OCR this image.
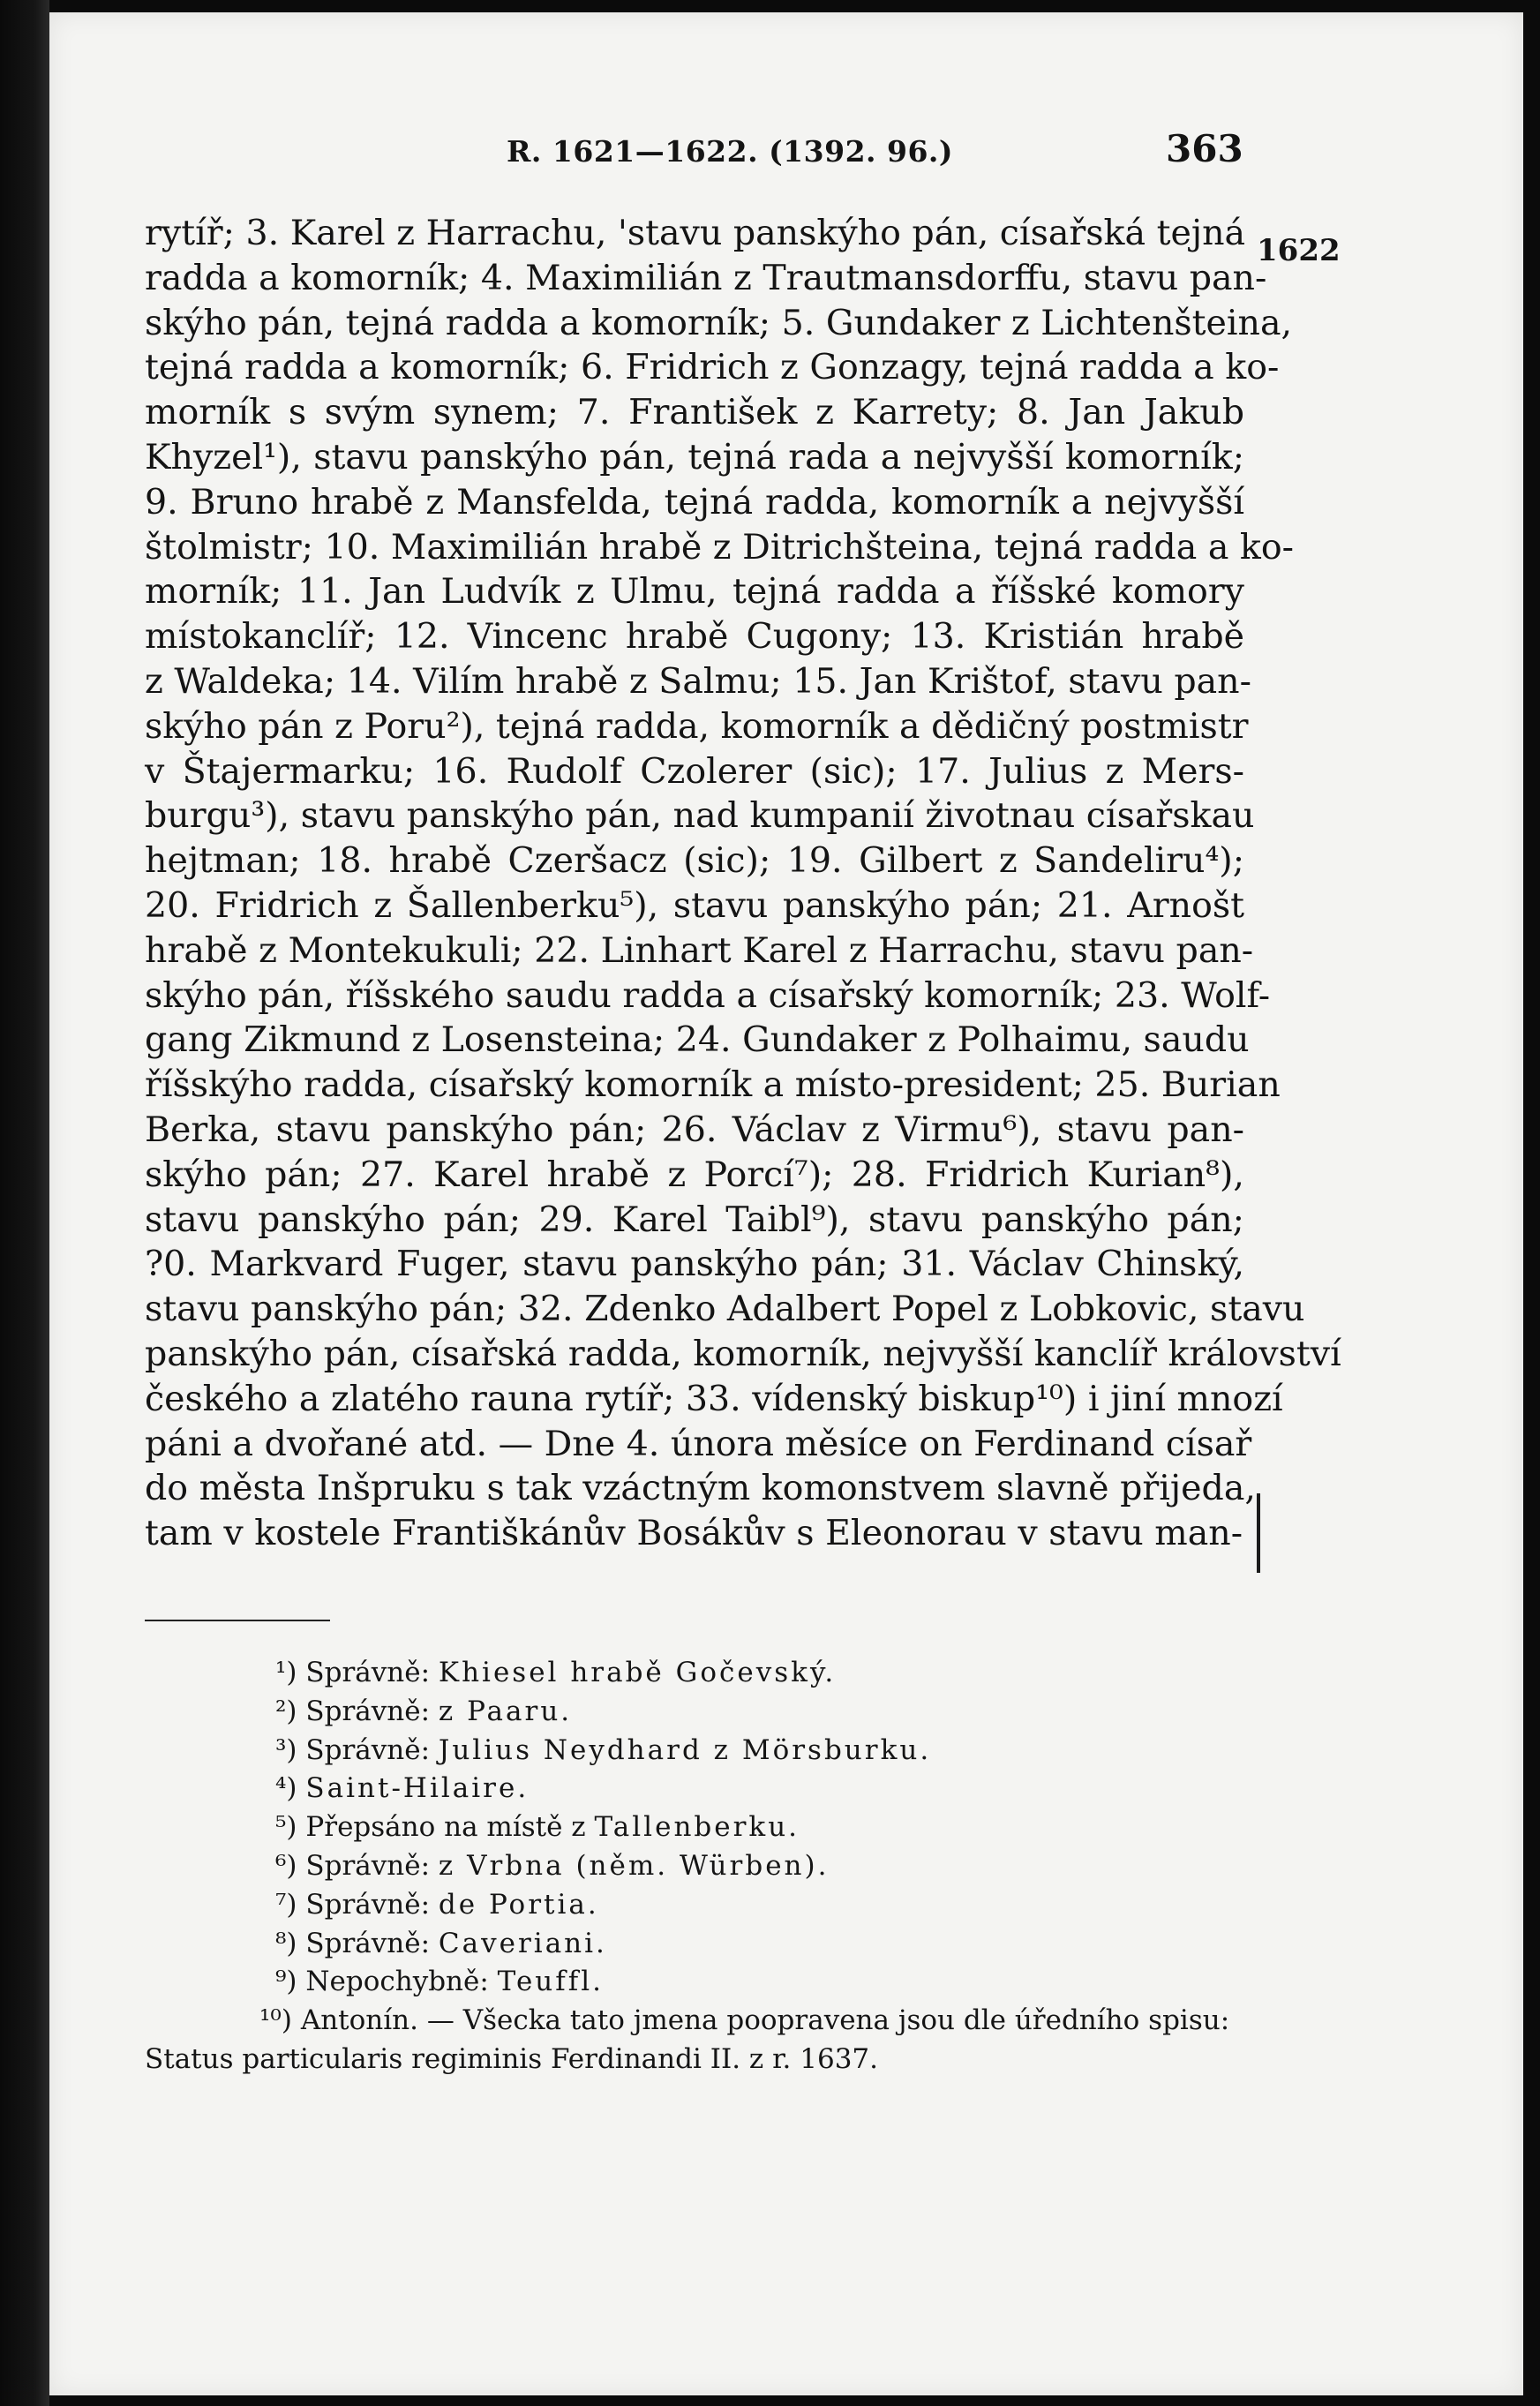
R. 1621—1622. (1392. 96.)	363
1622
rytíř; 3. Karel z Harrachu, 'stavu panskýho pán, císařská tejná
radda a komorník; 4. Maximilián z Trautmansdorffu, stavu pan-
skýho pán, tejná radda a komorník; 5. Gundaker z Lichtenšteina,
tejná radda a komorník; 6. Fridrich z Gonzagy, tejná radda a ko-
morník s svým synem; 7. František z Karrety; 8. Jan Jakub
Khyzel¹), stavu panskýho pán, tejná rada a nejvyšší komorník;
9. Bruno hrabě z Mansfelda, tejná radda, komorník a nejvyšší
štolmistr; 10. Maximilián hrabě z Ditrichšteina, tejná radda a ko-
morník; 11. Jan Ludvík z Ulmu, tejná radda a říšské komory
místokanclíř; 12. Vincenc hrabě Cugony; 13. Kristián hrabě
z Waldeka; 14. Vilím hrabě z Salmu; 15. Jan Krištof, stavu pan-
skýho pán z Poru²), tejná radda, komorník a dědičný postmistr
v Štajermarku; 16. Rudolf Czolerer (sic); 17. Julius z Mers-
burgu³), stavu panskýho pán, nad kumpanií životnau císařskau
hejtman; 18. hrabě Czeršacz (sic); 19. Gilbert z Sandeliru⁴);
20. Fridrich z Šallenberku⁵), stavu panskýho pán; 21. Arnošt
hrabě z Montekukuli; 22. Linhart Karel z Harrachu, stavu pan-
skýho pán, říšského saudu radda a císařský komorník; 23. Wolf-
gang Zikmund z Losensteina; 24. Gundaker z Polhaimu, saudu
říšskýho radda, císařský komorník a místo-president; 25. Burian
Berka, stavu panskýho pán; 26. Václav z Virmu⁶), stavu pan-
skýho pán; 27. Karel hrabě z Porcí⁷); 28. Fridrich Kurian⁸),
stavu panskýho pán; 29. Karel Taibl⁹), stavu panskýho pán;
?0. Markvard Fuger, stavu panskýho pán; 31. Václav Chinský,
stavu panskýho pán; 32. Zdenko Adalbert Popel z Lobkovic, stavu
panskýho pán, císařská radda, komorník, nejvyšší kanclíř království
českého a zlatého rauna rytíř; 33. vídenský biskup¹⁰) i jiní mnozí
páni a dvořané atd. — Dne 4. února měsíce on Ferdinand císař
do města Inšpruku s tak vzáctným komonstvem slavně přijeda,
tam v kostele Františkánův Bosákův s Eleonorau v stavu man-
¹) Správně: Khiesel hrabě Gočevský.
²) Správně: z Paaru.
³) Správně: Julius Neydhard z Mörsburku.
⁴) Saint-Hilaire.
⁵) Přepsáno na místě z Tallenberku.
⁶) Správně: z Vrbna (něm. Würben).
⁷) Správně: de Portia.
⁸) Správně: Caveriani.
⁹) Nepochybně: Teuffl.
¹⁰) Antonín. — Všecka tato jmena poopravena jsou dle úředního spisu: Status particularis regiminis Ferdinandi II. z r. 1637.
